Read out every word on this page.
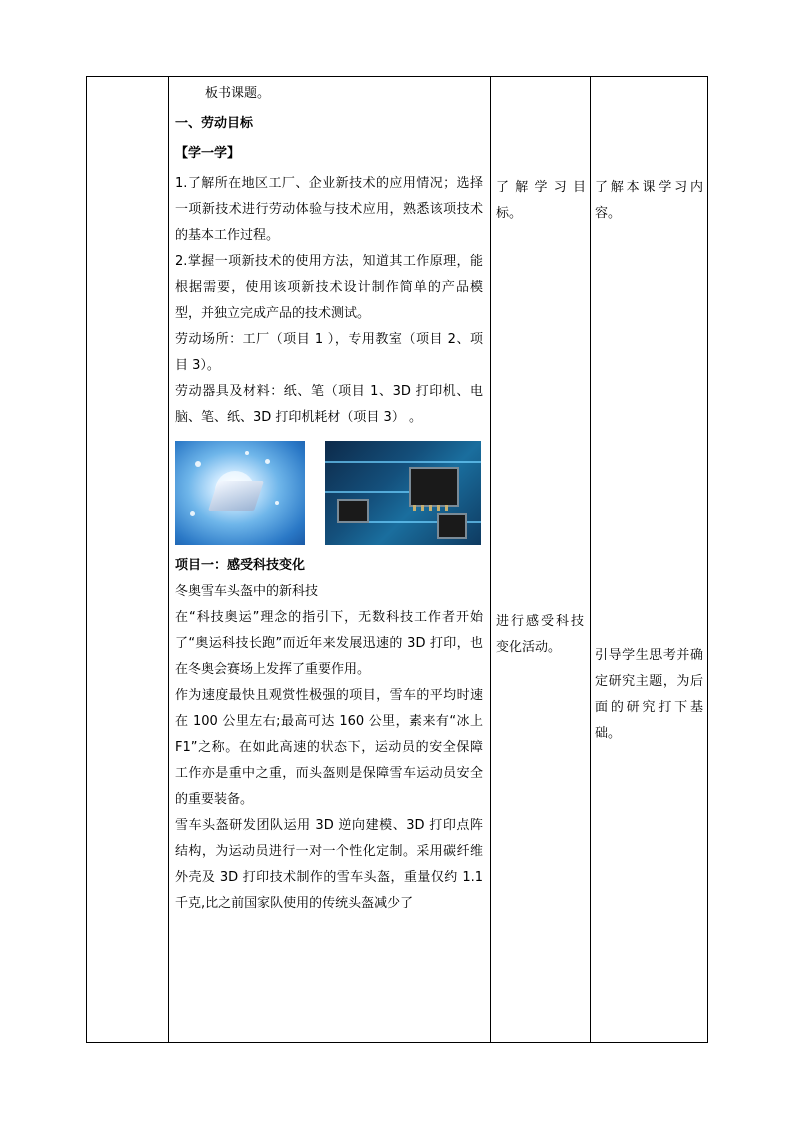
板书课题。

一、劳动目标

【学一学】

1.了解所在地区工厂、企业新技术的应用情况；选择一项新技术进行劳动体验与技术应用，熟悉该项技术的基本工作过程。

2.掌握一项新技术的使用方法，知道其工作原理，能根据需要，使用该项新技术设计制作简单的产品模型，并独立完成产品的技术测试。

劳动场所：工厂（项目 1 ），专用教室（项目 2、项目 3）。

劳动器具及材料：纸、笔（项目 1、3D 打印机、电脑、笔、纸、3D 打印机耗材（项目 3） 。

项目一：感受科技变化

冬奥雪车头盔中的新科技

在“科技奥运”理念的指引下，无数科技工作者开始了“奥运科技长跑”而近年来发展迅速的 3D 打印，也在冬奥会赛场上发挥了重要作用。

作为速度最快且观赏性极强的项目，雪车的平均时速在 100 公里左右;最高可达 160 公里，素来有“冰上 F1”之称。在如此高速的状态下，运动员的安全保障工作亦是重中之重，而头盔则是保障雪车运动员安全的重要装备。

雪车头盔研发团队运用 3D 逆向建模、3D 打印点阵结构，为运动员进行一对一个性化定制。采用碳纤维外壳及 3D 打印技术制作的雪车头盔，重量仅约 1.1 千克,比之前国家队使用的传统头盔减少了

了解学习目标。

进行感受科技变化活动。

了解本课学习内容。

引导学生思考并确定研究主题，为后面的研究打下基础。
